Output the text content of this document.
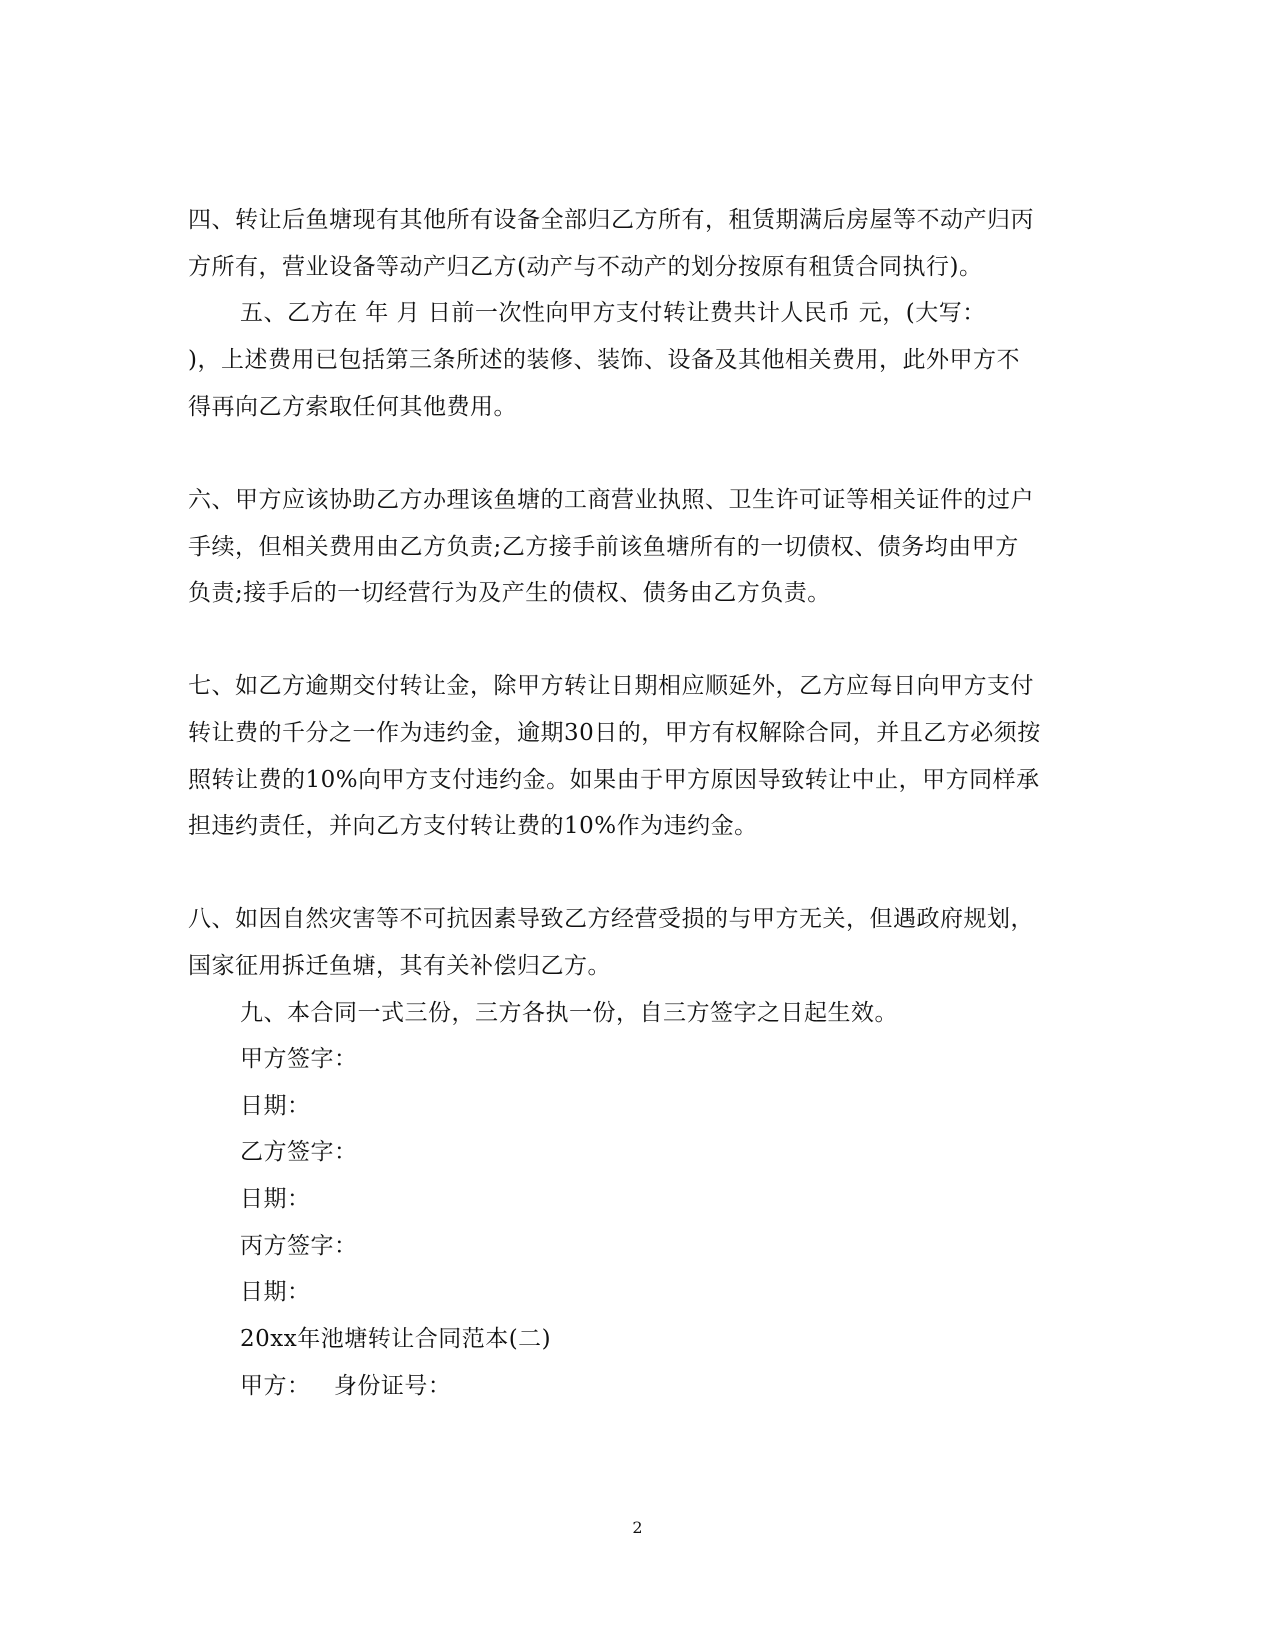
四、转让后鱼塘现有其他所有设备全部归乙方所有，租赁期满后房屋等不动产归丙
方所有，营业设备等动产归乙方(动产与不动产的划分按原有租赁合同执行)。
五、乙方在 年 月 日前一次性向甲方支付转让费共计人民币 元，(大写：
)，上述费用已包括第三条所述的装修、装饰、设备及其他相关费用，此外甲方不
得再向乙方索取任何其他费用。
六、甲方应该协助乙方办理该鱼塘的工商营业执照、卫生许可证等相关证件的过户
手续，但相关费用由乙方负责;乙方接手前该鱼塘所有的一切债权、债务均由甲方
负责;接手后的一切经营行为及产生的债权、债务由乙方负责。
七、如乙方逾期交付转让金，除甲方转让日期相应顺延外，乙方应每日向甲方支付
转让费的千分之一作为违约金，逾期30日的，甲方有权解除合同，并且乙方必须按
照转让费的10%向甲方支付违约金。如果由于甲方原因导致转让中止，甲方同样承
担违约责任，并向乙方支付转让费的10%作为违约金。
八、如因自然灾害等不可抗因素导致乙方经营受损的与甲方无关，但遇政府规划，
国家征用拆迁鱼塘，其有关补偿归乙方。
九、本合同一式三份，三方各执一份，自三方签字之日起生效。
甲方签字：
日期：
乙方签字：
日期：
丙方签字：
日期：
20xx年池塘转让合同范本(二)
甲方：   身份证号：
2
